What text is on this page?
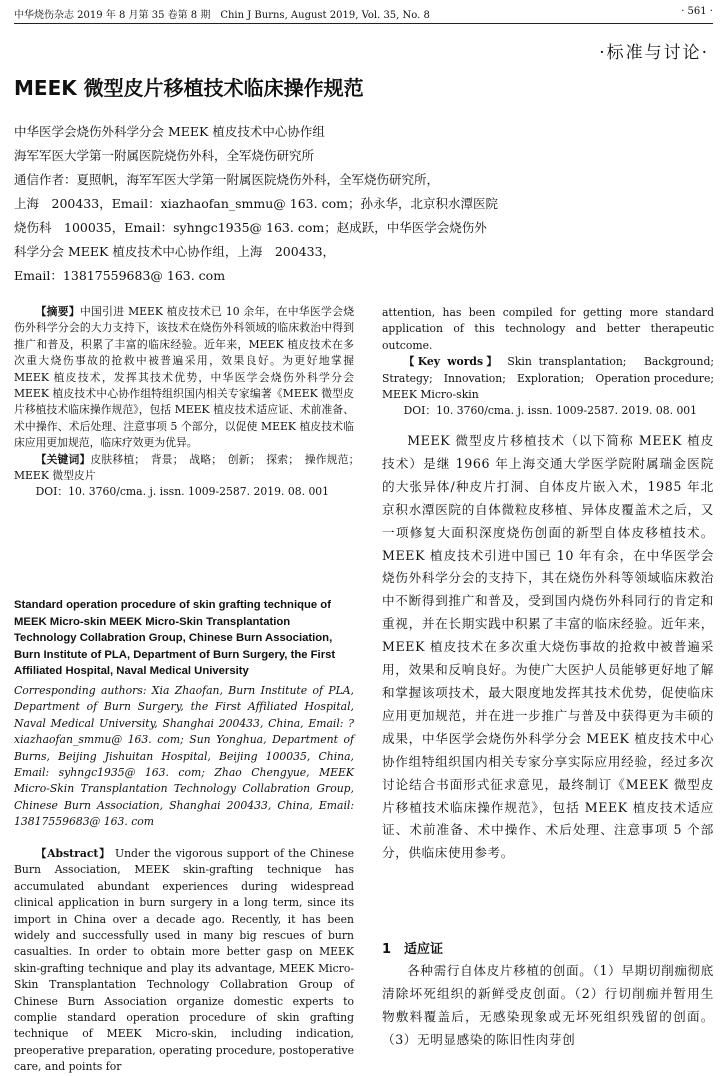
中华烧伤杂志 2019 年 8 月第 35 卷第 8 期　Chin J Burns, August 2019, Vol. 35, No. 8	· 561 ·
·标准与讨论·
MEEK 微型皮片移植技术临床操作规范
中华医学会烧伤外科学分会 MEEK 植皮技术中心协作组
海军军医大学第一附属医院烧伤外科，全军烧伤研究所
通信作者：夏照帆，海军军医大学第一附属医院烧伤外科，全军烧伤研究所，
上海　200433，Email：xiazhaofan_smmu@ 163. com；孙永华，北京积水潭医院
烧伤科　100035，Email：syhngc1935@ 163. com；赵成跃，中华医学会烧伤外
科学分会 MEEK 植皮技术中心协作组，上海　200433，
Email：13817559683@ 163. com
【摘要】中国引进 MEEK 植皮技术已 10 余年，在中华医学会烧伤外科学分会的大力支持下，该技术在烧伤外科领域的临床救治中得到推广和普及，积累了丰富的临床经验。近年来，MEEK 植皮技术在多次重大烧伤事故的抢救中被普遍采用，效果良好。为更好地掌握 MEEK 植皮技术，发挥其技术优势，中华医学会烧伤外科学分会 MEEK 植皮技术中心协作组特组织国内相关专家编著《MEEK 微型皮片移植技术临床操作规范》，包括 MEEK 植皮技术适应证、术前准备、术中操作、术后处理、注意事项 5 个部分，以促使 MEEK 植皮技术临床应用更加规范，临床疗效更为优异。
【关键词】皮肤移植；　背景；　战略；　创新；　探索；　操作规范；　MEEK 微型皮片
DOI：10. 3760/cma. j. issn. 1009-2587. 2019. 08. 001
Standard operation procedure of skin grafting technique of MEEK Micro-skin MEEK Micro-Skin Transplantation Technology Collabration Group, Chinese Burn Association, Burn Institute of PLA, Department of Burn Surgery, the First Affiliated Hospital, Naval Medical University
Corresponding authors: Xia Zhaofan, Burn Institute of PLA, Department of Burn Surgery, the First Affiliated Hospital, Naval Medical University, Shanghai 200433, China, Email: ? xiazhaofan_smmu@ 163. com; Sun Yonghua, Department of Burns, Beijing Jishuitan Hospital, Beijing 100035, China, Email: syhngc1935@ 163. com; Zhao Chengyue, MEEK Micro-Skin Transplantation Technology Collabration Group, Chinese Burn Association, Shanghai 200433, China, Email: 13817559683@ 163. com
【Abstract】 Under the vigorous support of the Chinese Burn Association, MEEK skin-grafting technique has accumulated abundant experiences during widespread clinical application in burn surgery in a long term, since its import in China over a decade ago. Recently, it has been widely and successfully used in many big rescues of burn casualties. In order to obtain more better gasp on MEEK skin-grafting technique and play its advantage, MEEK Micro-Skin Transplantation Technology Collabration Group of Chinese Burn Association organize domestic experts to complie standard operation procedure of skin grafting technique of MEEK Micro-skin, including indication, preoperative preparation, operating procedure, postoperative care, and points for
attention, has been compiled for getting more standard application of this technology and better therapeutic outcome.
【Key words】 Skin transplantation;　Background;　Strategy;　Innovation;　Exploration;　Operation procedure;　MEEK Micro-skin
DOI：10. 3760/cma. j. issn. 1009-2587. 2019. 08. 001
MEEK 微型皮片移植技术（以下简称 MEEK 植皮技术）是继 1966 年上海交通大学医学院附属瑞金医院的大张异体/种皮片打洞、自体皮片嵌入术，1985 年北京积水潭医院的自体微粒皮移植、异体皮覆盖术之后，又一项修复大面积深度烧伤创面的新型自体皮移植技术。MEEK 植皮技术引进中国已 10 年有余，在中华医学会烧伤外科学分会的支持下，其在烧伤外科等领域临床救治中不断得到推广和普及，受到国内烧伤外科同行的肯定和重视，并在长期实践中积累了丰富的临床经验。近年来，MEEK 植皮技术在多次重大烧伤事故的抢救中被普遍采用，效果和反响良好。为使广大医护人员能够更好地了解和掌握该项技术，最大限度地发挥其技术优势，促使临床应用更加规范，并在进一步推广与普及中获得更为丰硕的成果，中华医学会烧伤外科学分会 MEEK 植皮技术中心协作组特组织国内相关专家分享实际应用经验，经过多次讨论结合书面形式征求意见，最终制订《MEEK 微型皮片移植技术临床操作规范》，包括 MEEK 植皮技术适应证、术前准备、术中操作、术后处理、注意事项 5 个部分，供临床使用参考。
1　适应证
各种需行自体皮片移植的创面。（1）早期切削痂彻底清除坏死组织的新鲜受皮创面。（2）行切削痂并暂用生物敷料覆盖后，无感染现象或无坏死组织残留的创面。（3）无明显感染的陈旧性肉芽创
